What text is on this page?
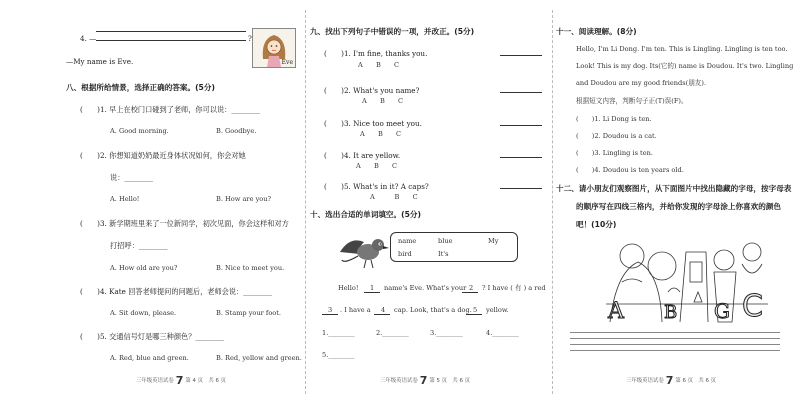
4. —	?
—My name is Eve.	Eve
八、根据所给情景，选择正确的答案。(5分)
(　　)1. 早上在校门口碰到了老师，你可以说：________
A. Good morning.	B. Goodbye.
(　　)2. 你想知道奶奶最近身体状况如何，你会对她
说：________
A. Hello!	B. How are you?
(　　)3. 新学期班里来了一位新同学，初次见面，你会这样和对方
打招呼：________
A. How old are you?	B. Nice to meet you.
(　　)4. Kate 回答老师提问的问题后，老师会说：________
A. Sit down, please.	B. Stamp your foot.
(　　)5. 交通信号灯是哪三种颜色？________
A. Red, blue and green.	B. Red, yellow and green.
三年级英语试卷 7 第 4 页　共 6 页
九、找出下列句子中错误的一项，并改正。(5分)
(　　)1. I'm fine, thanks you.
A　　B　　C
(　　)2. What's you name?
A　　B　　C
(　　)3. Nice too meet you.
A　　B　　C
(　　)4. It are yellow.
A　　B　　C
(　　)5. What's in it? A caps?
A　　　B　　C
十、选出合适的单词填空。(5分)
name	blue	My
bird	It's
Hello! 1 name's Eve. What's your 2 ? I have ( 有 ) a red
3 . I have a 4 cap. Look, that's a dog. 5 yellow.
1.________	2.________	3.________	4.________
5.________
三年级英语试卷 7 第 5 页　共 6 页
十一、阅读理解。(8分)
Hello, I'm Li Dong. I'm ten. This is Lingling. Lingling is ten too.
Look! This is my dog. Its(它的) name is Doudou. It's two. Lingling
and Doudou are my good friends(朋友).
根据短文内容，判断句子正(T)误(F)。
(　　)1. Li Dong is ten.
(　　)2. Doudou is a cat.
(　　)3. Lingling is ten.
(　　)4. Doudou is ten years old.
十二、请小朋友们观察图片，从下面图片中找出隐藏的字母，按字母表
的顺序写在四线三格内，并给你发现的字母涂上你喜欢的颜色
吧！(10分)
A	G C
B
三年级英语试卷 7 第 6 页　共 6 页
